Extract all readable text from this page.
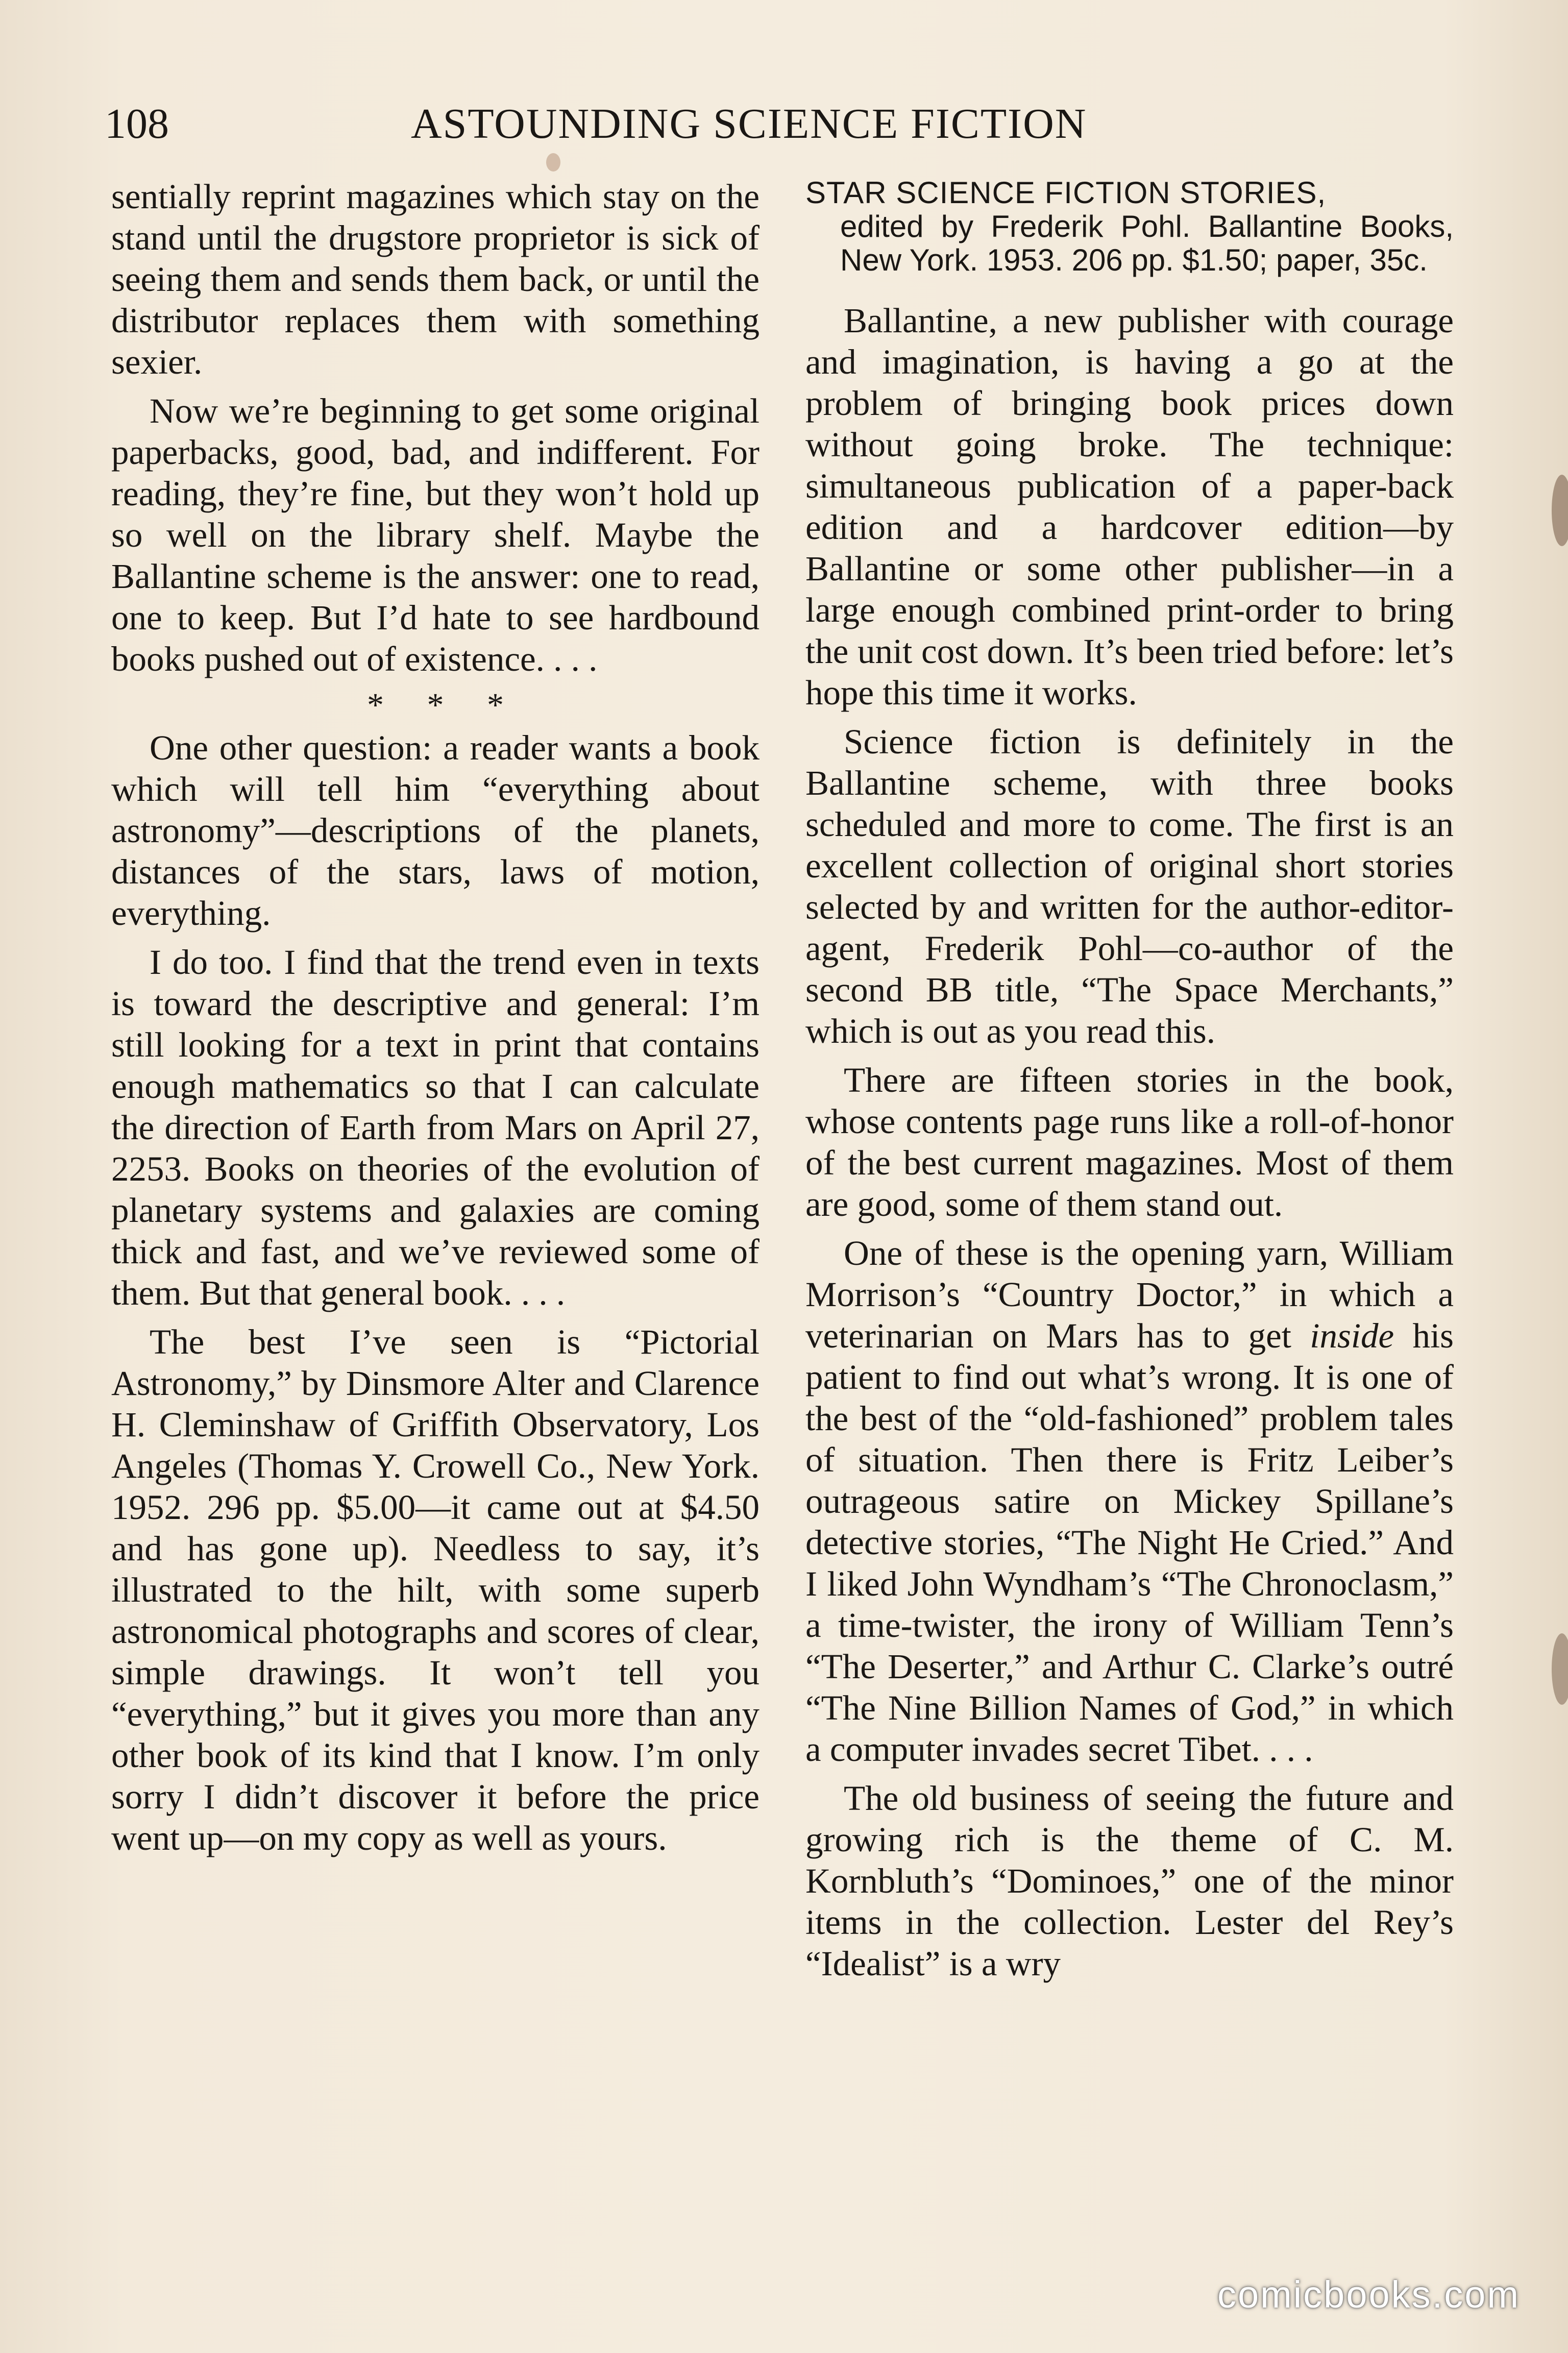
108	ASTOUNDING SCIENCE FICTION

sentially reprint magazines which stay on the stand until the drugstore proprietor is sick of seeing them and sends them back, or until the distributor replaces them with something sexier.

Now we’re beginning to get some original paperbacks, good, bad, and indifferent. For reading, they’re fine, but they won’t hold up so well on the library shelf. Maybe the Ballantine scheme is the answer: one to read, one to keep. But I’d hate to see hardbound books pushed out of existence. . . .

* * *

One other question: a reader wants a book which will tell him “everything about astronomy”—descriptions of the planets, distances of the stars, laws of motion, everything.

I do too. I find that the trend even in texts is toward the descriptive and general: I’m still looking for a text in print that contains enough mathematics so that I can calculate the direction of Earth from Mars on April 27, 2253. Books on theories of the evolution of planetary systems and galaxies are coming thick and fast, and we’ve reviewed some of them. But that general book. . . .

The best I’ve seen is “Pictorial Astronomy,” by Dinsmore Alter and Clarence H. Cleminshaw of Griffith Observatory, Los Angeles (Thomas Y. Crowell Co., New York. 1952. 296 pp. $5.00—it came out at $4.50 and has gone up). Needless to say, it’s illustrated to the hilt, with some superb astronomical photographs and scores of clear, simple drawings. It won’t tell you “everything,” but it gives you more than any other book of its kind that I know. I’m only sorry I didn’t discover it before the price went up—on my copy as well as yours.

STAR SCIENCE FICTION STORIES,
edited by Frederik Pohl. Ballantine Books, New York. 1953. 206 pp. $1.50; paper, 35c.

Ballantine, a new publisher with courage and imagination, is having a go at the problem of bringing book prices down without going broke. The technique: simultaneous publication of a paper-back edition and a hardcover edition—by Ballantine or some other publisher—in a large enough combined print-order to bring the unit cost down. It’s been tried before: let’s hope this time it works.

Science fiction is definitely in the Ballantine scheme, with three books scheduled and more to come. The first is an excellent collection of original short stories selected by and written for the author-editor-agent, Frederik Pohl—co-author of the second BB title, “The Space Merchants,” which is out as you read this.

There are fifteen stories in the book, whose contents page runs like a roll-of-honor of the best current magazines. Most of them are good, some of them stand out.

One of these is the opening yarn, William Morrison’s “Country Doctor,” in which a veterinarian on Mars has to get inside his patient to find out what’s wrong. It is one of the best of the “old-fashioned” problem tales of situation. Then there is Fritz Leiber’s outrageous satire on Mickey Spillane’s detective stories, “The Night He Cried.” And I liked John Wyndham’s “The Chronoclasm,” a time-twister, the irony of William Tenn’s “The Deserter,” and Arthur C. Clarke’s outré “The Nine Billion Names of God,” in which a computer invades secret Tibet. . . .

The old business of seeing the future and growing rich is the theme of C. M. Kornbluth’s “Dominoes,” one of the minor items in the collection. Lester del Rey’s “Idealist” is a wry

comicbooks.com
